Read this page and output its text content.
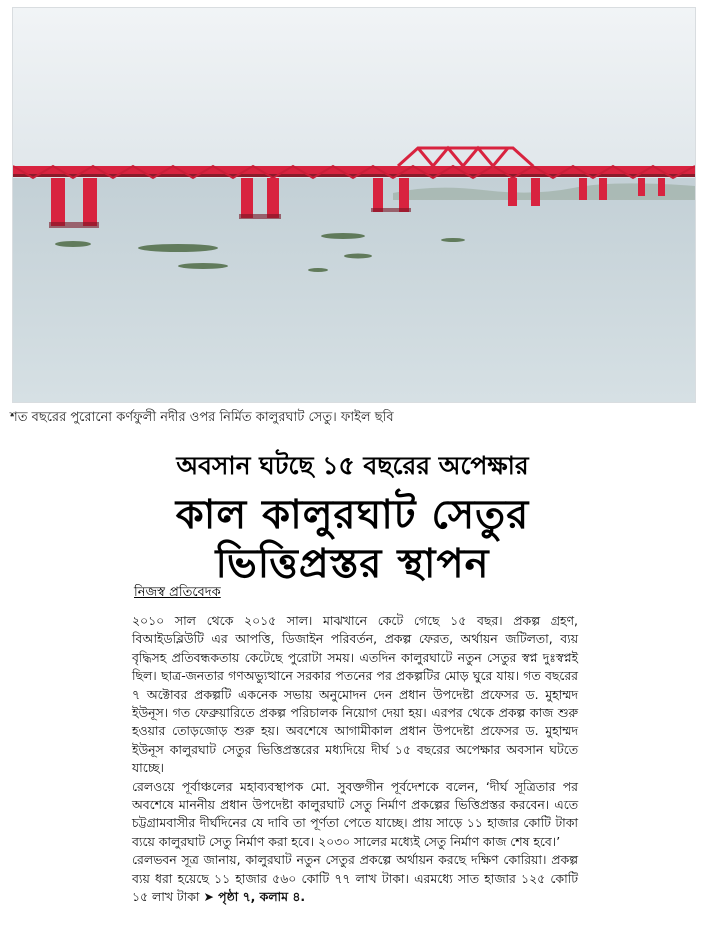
শত বছরের পুরোনো কর্ণফুলী নদীর ওপর নির্মিত কালুরঘাট সেতু। ফাইল ছবি
অবসান ঘটছে ১৫ বছরের অপেক্ষার
কাল কালুরঘাট সেতুর
ভিত্তিপ্রস্তর স্থাপন
নিজস্ব প্রতিবেদক

২০১০ সাল থেকে ২০১৫ সাল। মাঝখানে কেটে গেছে ১৫ বছর। প্রকল্প গ্রহণ, বিআইডব্লিউটি এর আপত্তি, ডিজাইন পরিবর্তন, প্রকল্প ফেরত, অর্থায়ন জটিলতা, ব্যয় বৃদ্ধিসহ প্রতিবন্ধকতায় কেটেছে পুরোটা সময়। এতদিন কালুরঘাটে নতুন সেতুর স্বপ্ন দুঃস্বপ্নই ছিল। ছাত্র-জনতার গণঅভ্যুত্থানে সরকার পতনের পর প্রকল্পটির মোড় ঘুরে যায়। গত বছরের ৭ অক্টোবর প্রকল্পটি একনেক সভায় অনুমোদন দেন প্রধান উপদেষ্টা প্রফেসর ড. মুহাম্মদ ইউনূস। গত ফেব্রুয়ারিতে প্রকল্প পরিচালক নিয়োগ দেয়া হয়। এরপর থেকে প্রকল্প কাজ শুরু হওয়ার তোড়জোড় শুরু হয়। অবশেষে আগামীকাল প্রধান উপদেষ্টা প্রফেসর ড. মুহাম্মদ ইউনূস কালুরঘাট সেতুর ভিত্তিপ্রস্তরের মধ্যদিয়ে দীর্ঘ ১৫ বছরের অপেক্ষার অবসান ঘটতে যাচ্ছে।

রেলওয়ে পূর্বাঞ্চলের মহাব্যবস্থাপক মো. সুবক্তগীন পূর্বদেশকে বলেন, ‘দীর্ঘ সূত্রিতার পর অবশেষে মাননীয় প্রধান উপদেষ্টা কালুরঘাট সেতু নির্মাণ প্রকল্পের ভিত্তিপ্রস্তর করবেন। এতে চট্টগ্রামবাসীর দীর্ঘদিনের যে দাবি তা পূর্ণতা পেতে যাচ্ছে। প্রায় সাড়ে ১১ হাজার কোটি টাকা ব্যয়ে কালুরঘাট সেতু নির্মাণ করা হবে। ২০৩০ সালের মধ্যেই সেতু নির্মাণ কাজ শেষ হবে।’

রেলভবন সূত্র জানায়, কালুরঘাট নতুন সেতুর প্রকল্পে অর্থায়ন করছে দক্ষিণ কোরিয়া। প্রকল্প ব্যয় ধরা হয়েছে ১১ হাজার ৫৬০ কোটি ৭৭ লাখ টাকা। এরমধ্যে সাত হাজার ১২৫ কোটি ১৫ লাখ টাকা ➤ পৃষ্ঠা ৭, কলাম ৪.
